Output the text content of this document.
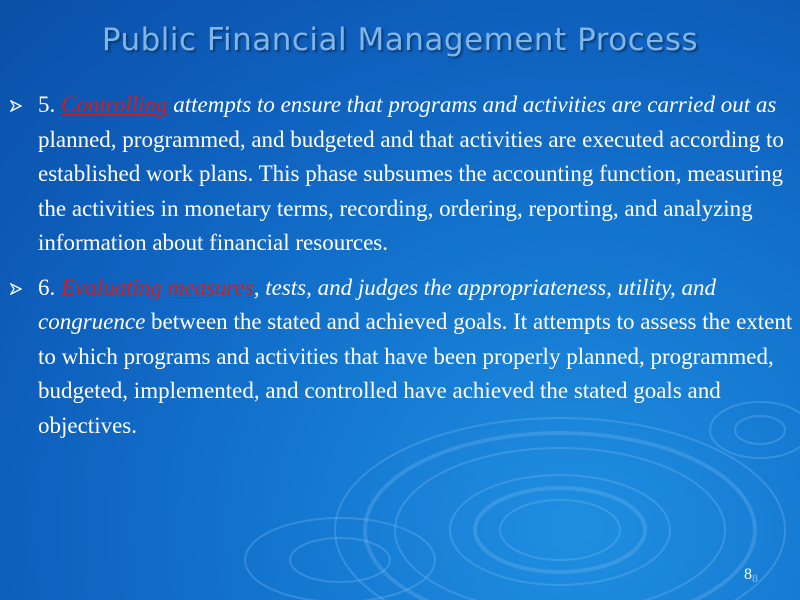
Public Financial Management Process
5. Controlling attempts to ensure that programs and activities are carried out as planned, programmed, and budgeted and that activities are executed according to established work plans. This phase subsumes the accounting function, measuring the activities in monetary terms, recording, ordering, reporting, and analyzing information about financial resources.
6. Evaluating measures, tests, and judges the appropriateness, utility, and congruence between the stated and achieved goals. It attempts to assess the extent to which programs and activities that have been properly planned, programmed, budgeted, implemented, and controlled have achieved the stated goals and objectives.
88
